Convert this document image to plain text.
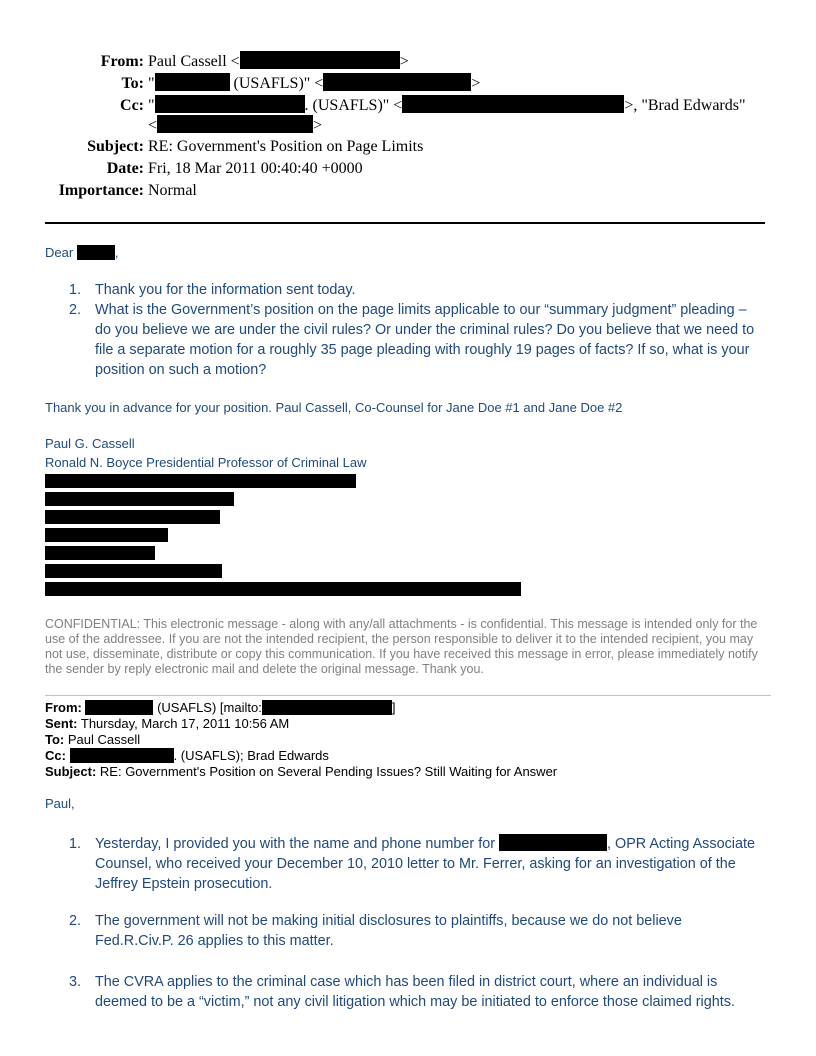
From: Paul Cassell <	>
To: "	(USAFLS)" <	>
Cc: "	. (USAFLS)" <	>, "Brad Edwards"
<	>
Subject: RE: Government's Position on Page Limits
Date: Fri, 18 Mar 2011 00:40:40 +0000
Importance: Normal
Dear	,
1. Thank you for the information sent today.
2. What is the Government’s position on the page limits applicable to our “summary judgment” pleading –
do you believe we are under the civil rules? Or under the criminal rules? Do you believe that we need to
file a separate motion for a roughly 35 page pleading with roughly 19 pages of facts? If so, what is your
position on such a motion?
Thank you in advance for your position. Paul Cassell, Co-Counsel for Jane Doe #1 and Jane Doe #2
Paul G. Cassell
Ronald N. Boyce Presidential Professor of Criminal Law
CONFIDENTIAL: This electronic message - along with any/all attachments - is confidential. This message is intended only for the use of the addressee. If you are not the intended recipient, the person responsible to deliver it to the intended recipient, you may not use, disseminate, distribute or copy this communication. If you have received this message in error, please immediately notify the sender by reply electronic mail and delete the original message. Thank you.
From:	(USAFLS) [mailto:	]
Sent: Thursday, March 17, 2011 10:56 AM
To: Paul Cassell
Cc:	. (USAFLS); Brad Edwards
Subject: RE: Government's Position on Several Pending Issues? Still Waiting for Answer
Paul,
1. Yesterday, I provided you with the name and phone number for	, OPR Acting Associate
Counsel, who received your December 10, 2010 letter to Mr. Ferrer, asking for an investigation of the
Jeffrey Epstein prosecution.
2. The government will not be making initial disclosures to plaintiffs, because we do not believe
Fed.R.Civ.P. 26 applies to this matter.
3. The CVRA applies to the criminal case which has been filed in district court, where an individual is
deemed to be a “victim,” not any civil litigation which may be initiated to enforce those claimed rights.
